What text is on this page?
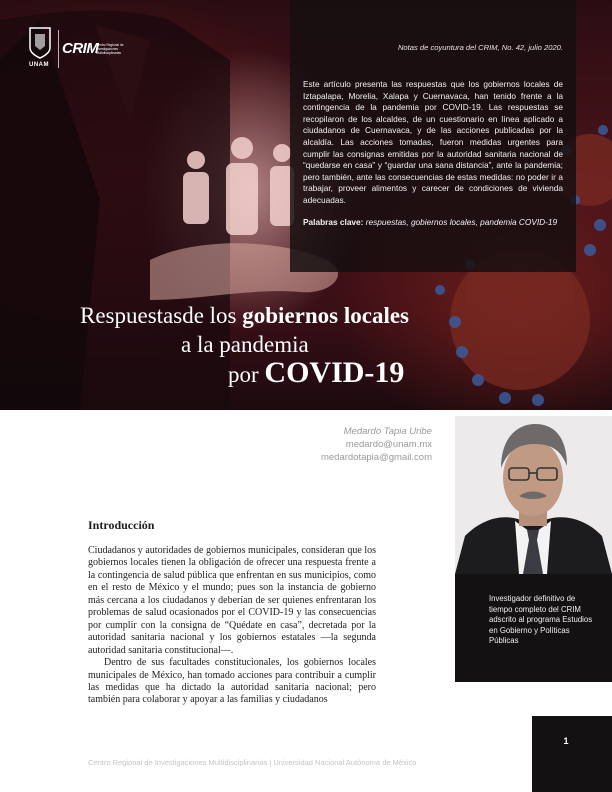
UNAM
CRIM
Centro Regional de Investigaciones Multidisciplinarias
Notas de coyuntura del CRIM, No. 42, julio 2020.
Este artículo presenta las respuestas que los gobiernos locales de Iztapalapa, Morelia, Xalapa y Cuernavaca, han tenido frente a la contingencia de la pandemia por COVID-19. Las respuestas se recopilaron de los alcaldes, de un cuestionario en línea aplicado a ciudadanos de Cuernavaca, y de las acciones publicadas por la alcaldía. Las acciones tomadas, fueron medidas urgentes para cumplir las consignas emitidas por la autoridad sanitaria nacional de “quedarse en casa” y “guardar una sana distancia”, ante la pandemia; pero también, ante las consecuencias de estas medidas: no poder ir a trabajar, proveer alimentos y carecer de condiciones de vivienda adecuadas.
Palabras clave: respuestas, gobiernos locales, pandemia COVID-19
Respuestasde los gobiernos locales
a la pandemia
por COVID-19
Medardo Tapia Uribe
medardo@unam.mx
medardotapia@gmail.com
Investigador definitivo de tiempo completo del CRIM adscrito al programa Estudios en Gobierno y Políticas Públicas
Introducción

Ciudadanos y autoridades de gobiernos municipales, consideran que los gobiernos locales tienen la obligación de ofrecer una respuesta frente a la contingencia de salud pública que enfrentan en sus municipios, como en el resto de México y el mundo; pues son la instancia de gobierno más cercana a los ciudadanos y deberían de ser quienes enfrentaran los problemas de salud ocasionados por el COVID-19 y las consecuencias por cumplir con la consigna de “Quédate en casa”, decretada por la autoridad sanitaria nacional y los gobiernos estatales —la segunda autoridad sanitaria constitucional—.

Dentro de sus facultades constitucionales, los gobiernos locales municipales de México, han tomado acciones para contribuir a cumplir las medidas que ha dictado la autoridad sanitaria nacional; pero también para colaborar y apoyar a las familias y ciudadanos

Centro Regional de Investigaciones Multidisciplinarias | Universidad Nacional Autónoma de México
1
